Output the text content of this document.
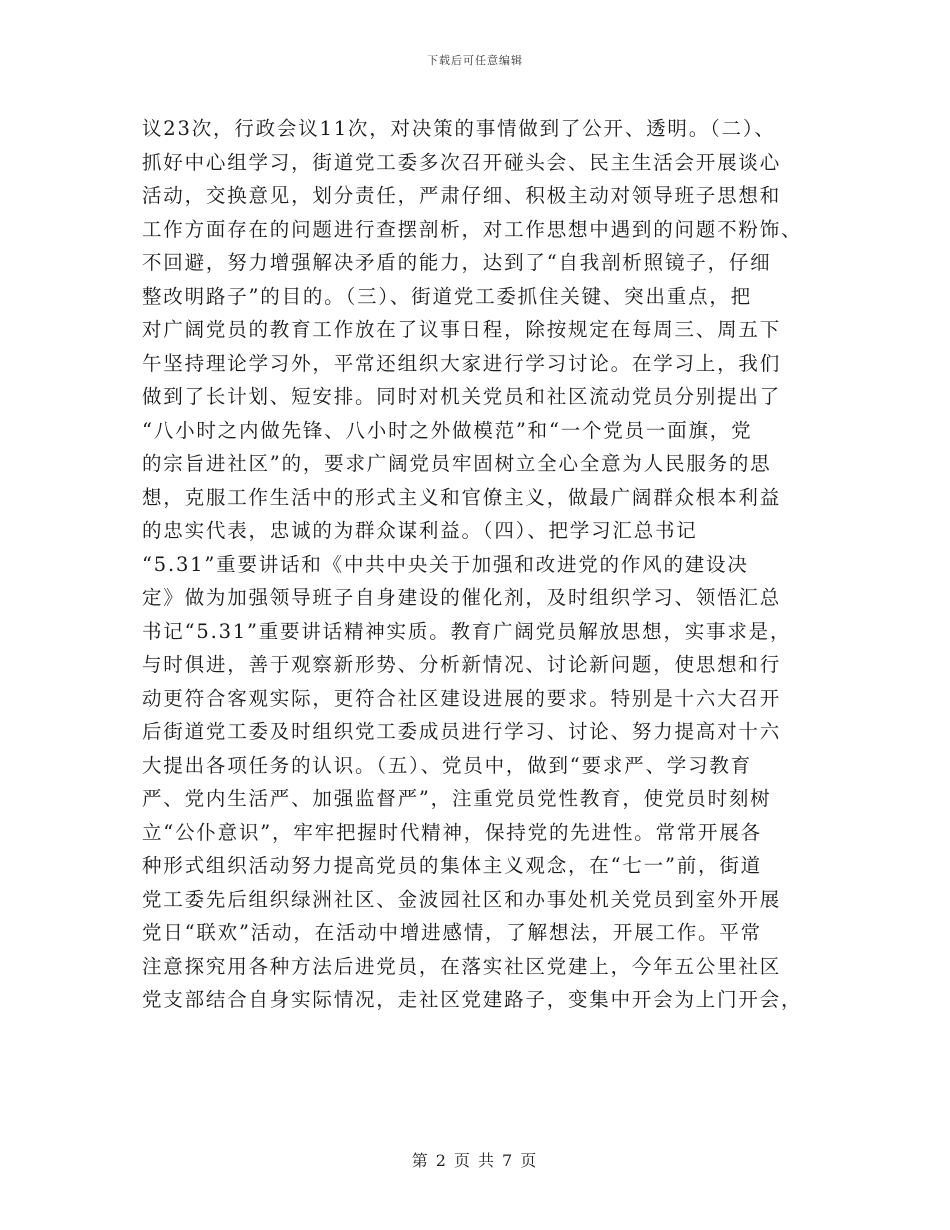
下载后可任意编辑
议23次，行政会议11次，对决策的事情做到了公开、透明。（二）、
抓好中心组学习，街道党工委多次召开碰头会、民主生活会开展谈心
活动，交换意见，划分责任，严肃仔细、积极主动对领导班子思想和
工作方面存在的问题进行查摆剖析，对工作思想中遇到的问题不粉饰、
不回避，努力增强解决矛盾的能力，达到了“自我剖析照镜子，仔细
整改明路子”的目的。（三）、街道党工委抓住关键、突出重点，把
对广阔党员的教育工作放在了议事日程，除按规定在每周三、周五下
午坚持理论学习外，平常还组织大家进行学习讨论。在学习上，我们
做到了长计划、短安排。同时对机关党员和社区流动党员分别提出了
“八小时之内做先锋、八小时之外做模范”和“一个党员一面旗，党
的宗旨进社区”的，要求广阔党员牢固树立全心全意为人民服务的思
想，克服工作生活中的形式主义和官僚主义，做最广阔群众根本利益
的忠实代表，忠诚的为群众谋利益。（四）、把学习汇总书记
“5.31”重要讲话和《中共中央关于加强和改进党的作风的建设决
定》做为加强领导班子自身建设的催化剂，及时组织学习、领悟汇总
书记“5.31”重要讲话精神实质。教育广阔党员解放思想，实事求是，
与时俱进，善于观察新形势、分析新情况、讨论新问题，使思想和行
动更符合客观实际，更符合社区建设进展的要求。特别是十六大召开
后街道党工委及时组织党工委成员进行学习、讨论、努力提高对十六
大提出各项任务的认识。（五）、党员中，做到“要求严、学习教育
严、党内生活严、加强监督严”，注重党员党性教育，使党员时刻树
立“公仆意识”，牢牢把握时代精神，保持党的先进性。常常开展各
种形式组织活动努力提高党员的集体主义观念，在“七一”前，街道
党工委先后组织绿洲社区、金波园社区和办事处机关党员到室外开展
党日“联欢”活动，在活动中增进感情，了解想法，开展工作。平常
注意探究用各种方法后进党员，在落实社区党建上，今年五公里社区
党支部结合自身实际情况，走社区党建路子，变集中开会为上门开会，
第 2 页 共 7 页
